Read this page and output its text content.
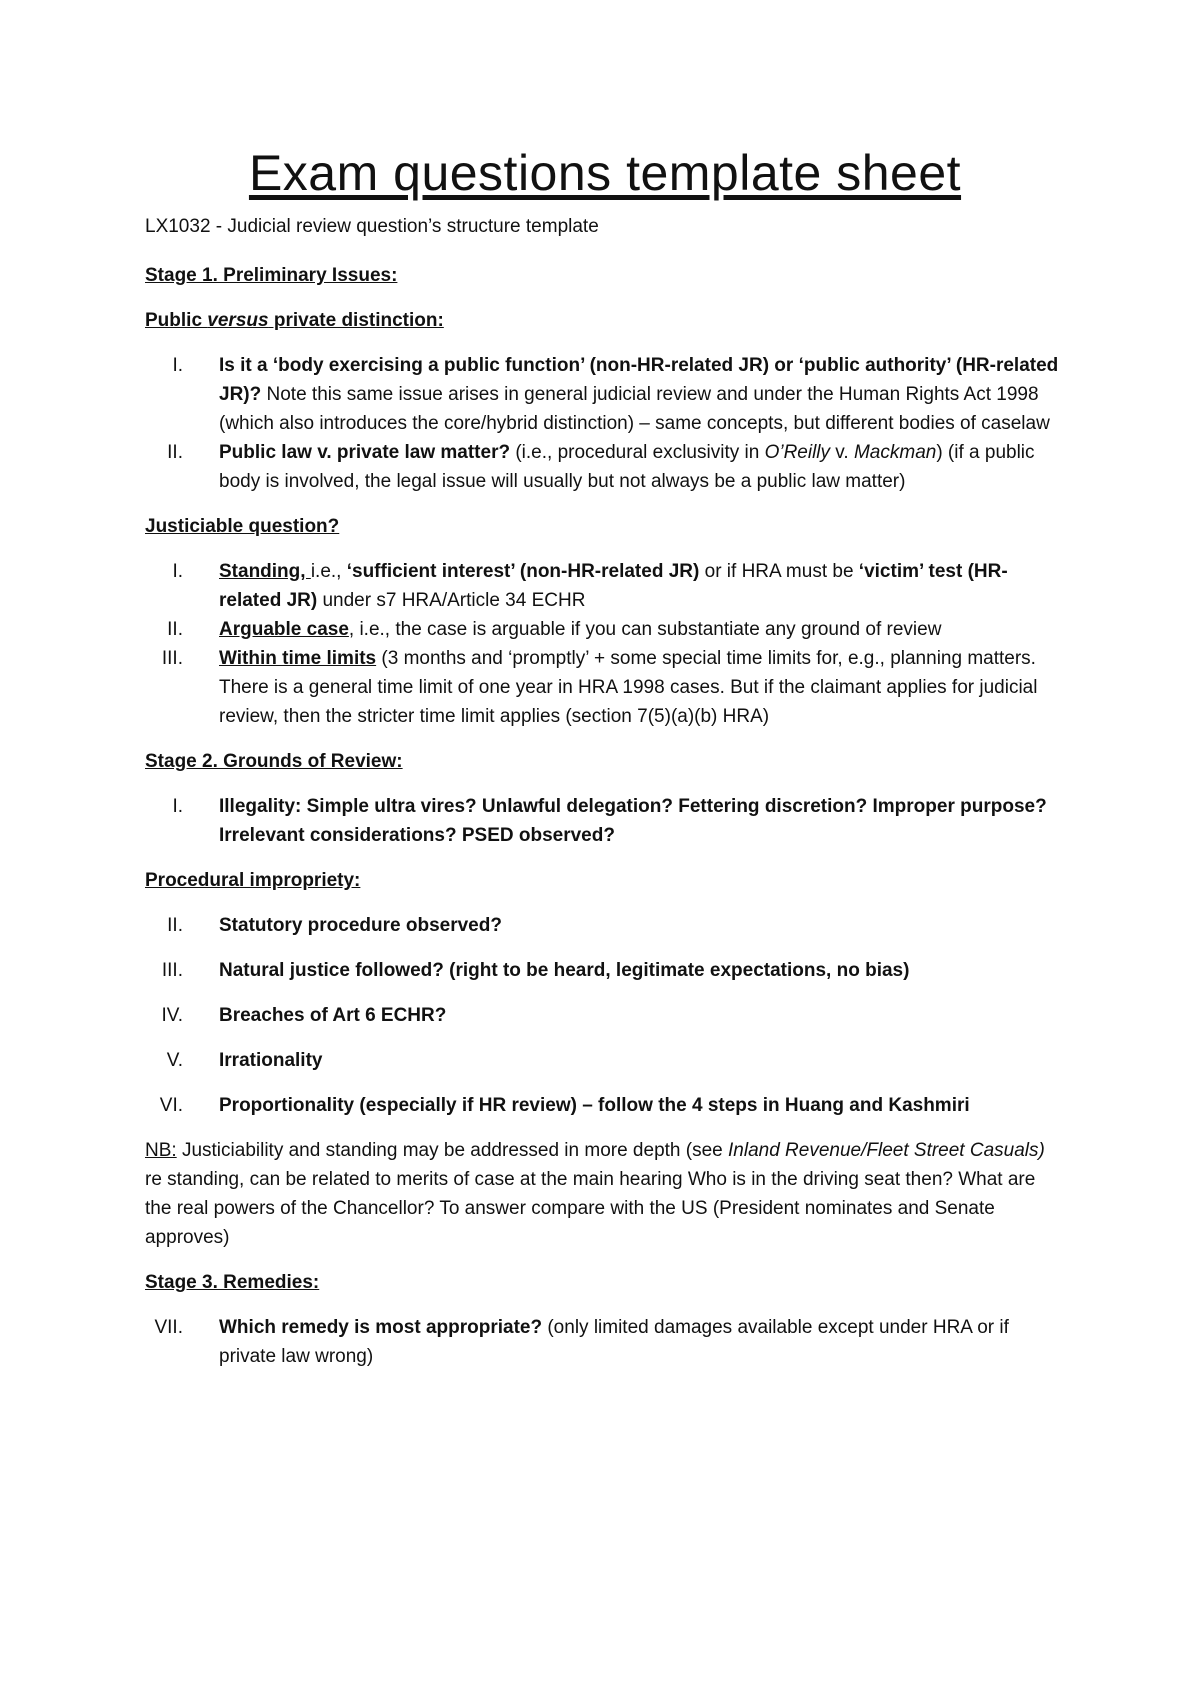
Exam questions template sheet

LX1032 - Judicial review question’s structure template

Stage 1. Preliminary Issues:

Public versus private distinction:

I. Is it a ‘body exercising a public function’ (non-HR-related JR) or ‘public authority’ (HR-related JR)? Note this same issue arises in general judicial review and under the Human Rights Act 1998 (which also introduces the core/hybrid distinction) – same concepts, but different bodies of caselaw
II. Public law v. private law matter? (i.e., procedural exclusivity in O’Reilly v. Mackman) (if a public body is involved, the legal issue will usually but not always be a public law matter)

Justiciable question?

I. Standing, i.e., ‘sufficient interest’ (non-HR-related JR) or if HRA must be ‘victim’ test (HR-related JR) under s7 HRA/Article 34 ECHR
II. Arguable case, i.e., the case is arguable if you can substantiate any ground of review
III. Within time limits (3 months and ‘promptly’ + some special time limits for, e.g., planning matters. There is a general time limit of one year in HRA 1998 cases. But if the claimant applies for judicial review, then the stricter time limit applies (section 7(5)(a)(b) HRA)

Stage 2. Grounds of Review:

I. Illegality: Simple ultra vires? Unlawful delegation? Fettering discretion? Improper purpose? Irrelevant considerations? PSED observed?

Procedural impropriety:

II. Statutory procedure observed?
III. Natural justice followed? (right to be heard, legitimate expectations, no bias)
IV. Breaches of Art 6 ECHR?
V. Irrationality
VI. Proportionality (especially if HR review) – follow the 4 steps in Huang and Kashmiri

NB: Justiciability and standing may be addressed in more depth (see Inland Revenue/Fleet Street Casuals) re standing, can be related to merits of case at the main hearing Who is in the driving seat then? What are the real powers of the Chancellor? To answer compare with the US (President nominates and Senate approves)

Stage 3. Remedies:

VII. Which remedy is most appropriate? (only limited damages available except under HRA or if private law wrong)
